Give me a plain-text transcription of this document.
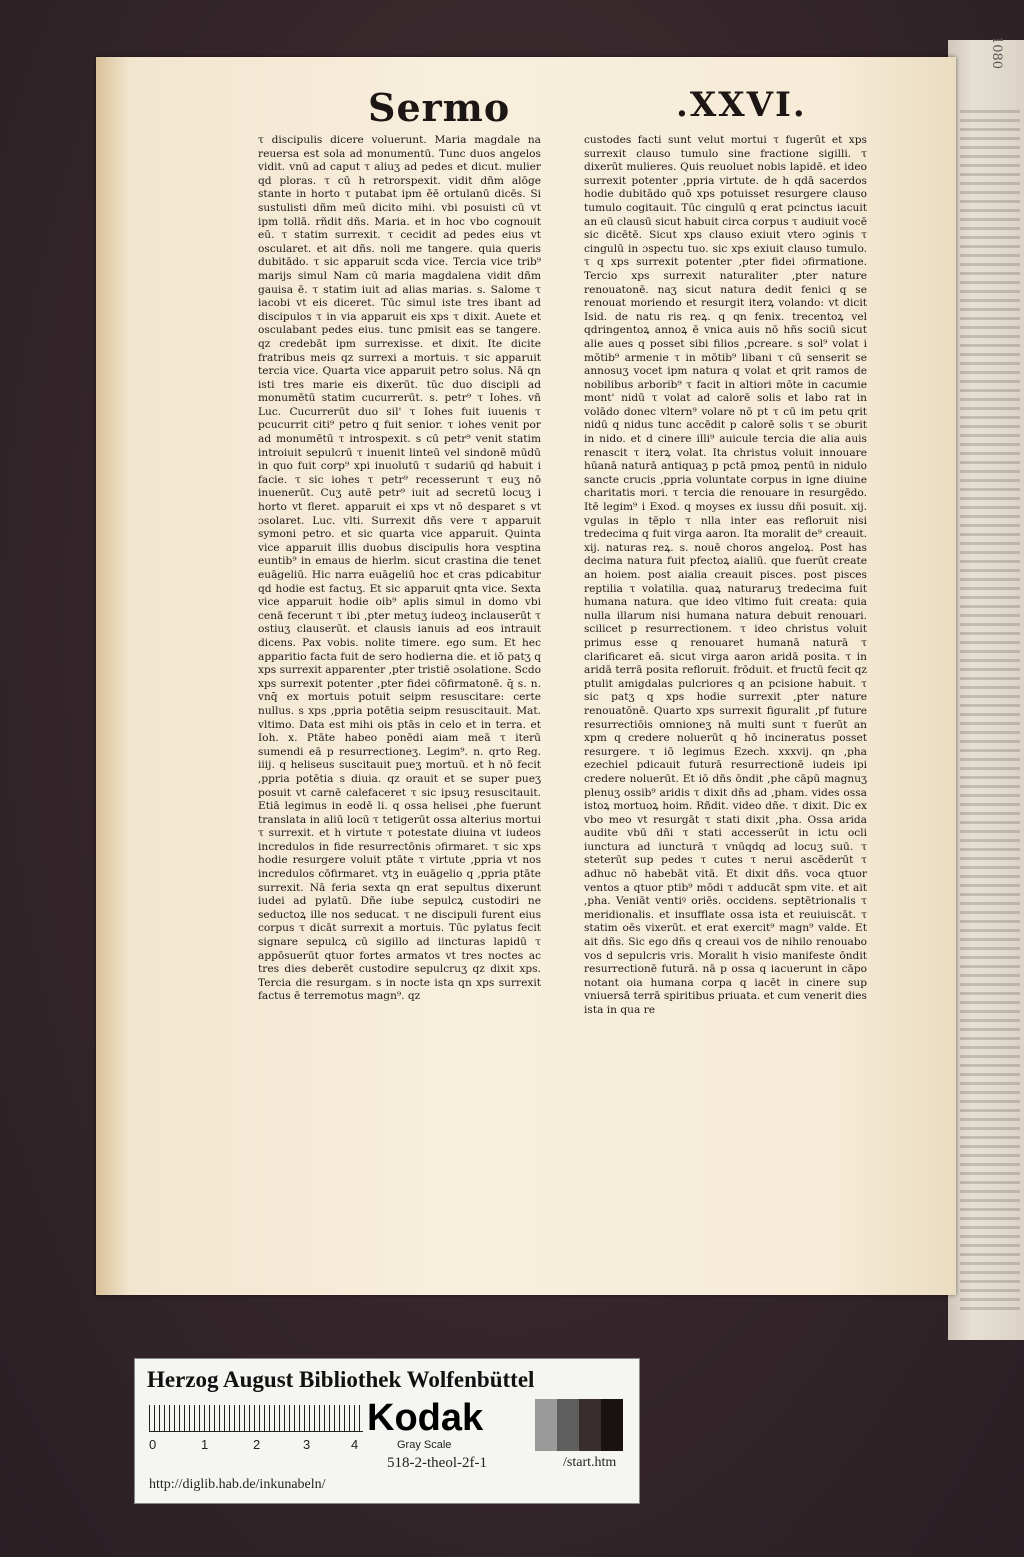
1080
Sermo	.XXVI.

τ discipulis dicere voluerunt. Maria magdale na reuersa est sola ad monumentū. Tunc duos angelos vidit. vnū ad caput τ aliuʒ ad pedes et dicut. mulier qd ploras. τ cū h retrorspexit. vidit dñm alōge stante in horto τ putabat ipm ēē ortulanū dicēs. Si sustulisti dñm meū dicito mihi. vbi posuisti cū vt ipm tollā. rñdit dñs. Maria. et in hoc vbo cognouit eū. τ statim surrexit. τ cecidit ad pedes eius vt oscularet. et ait dñs. noli me tangere. quia queris dubitādo. τ sic apparuit scda vice. Tercia vice trib⁹ marijs simul Nam cū maria magdalena vidit dñm gauisa ē. τ statim iuit ad alias marias. s. Salome τ iacobi vt eis diceret. Tūc simul iste tres ibant ad discipulos τ in via apparuit eis xps τ dixit. Auete et osculabant pedes eius. tunc pmisit eas se tangere. qz credebāt ipm surrexisse. et dixit. Ite dicite fratribus meis qz surrexi a mortuis. τ sic apparuit tercia vice. Quarta vice apparuit petro solus. Nā qn isti tres marie eis dixerūt. tūc duo discipli ad monumētū statim cucurrerūt. s. petr⁹ τ Iohes. vñ Luc. Cucurrerūt duo sil' τ Iohes fuit iuuenis τ pcucurrit citi⁹ petro q fuit senior. τ iohes venit por ad monumētū τ introspexit. s cū petr⁹ venit statim introiuit sepulcrū τ inuenit linteū vel sindonē mūdū in quo fuit corp⁹ xpi inuolutū τ sudariū qd habuit i facie. τ sic iohes τ petr⁹ recesserunt τ euʒ nō inuenerūt. Cuʒ autē petr⁹ iuit ad secretū locuʒ i horto vt fleret. apparuit ei xps vt nō desparet s vt ɔsolaret. Luc. vlti. Surrexit dñs vere τ apparuit symoni petro. et sic quarta vice apparuit. Quinta vice apparuit illis duobus discipulis hora vesptina euntib⁹ in emaus de hierlm. sicut crastina die tenet euāgeliū. Hic narra euāgeliū hoc et cras pdicabitur qd hodie est factuʒ. Et sic apparuit qnta vice. Sexta vice apparuit hodie oib⁹ aplis simul in domo vbi cenā fecerunt τ ibi ,pter metuʒ iudeoʒ inclauserūt τ ostiuʒ clauserūt. et clausis ianuis ad eos intrauit dicens. Pax vobis. nolite timere. ego sum. Et hec apparitio facta fuit de sero hodierna die. et iō patʒ q xps surrexit apparenter ,pter tristiē ɔsolatione. Scdo xps surrexit potenter ,pter fidei cōfirmatonē. q̄ s. n. vnq̄ ex mortuis potuit seipm resuscitare: certe nullus. s xps ,ppria potētia seipm resuscitauit. Mat. vltimo. Data est mihi ois ptās in celo et in terra. et Ioh. x. Ptāte habeo ponēdi aiam meā τ iterū sumendi eā p resurrectioneʒ. Legim⁹. n. qrto Reg. iiij. q heliseus suscitauit pueʒ mortuū. et h nō fecit ,ppria potētia s diuia. qz orauit et se super pueʒ posuit vt carnē calefaceret τ sic ipsuʒ resuscitauit. Etiā legimus in eodē li. q ossa helisei ,phe fuerunt translata in aliū locū τ tetigerūt ossa alterius mortui τ surrexit. et h virtute τ potestate diuina vt iudeos incredulos in fide resurrectōnis ɔfirmaret. τ sic xps hodie resurgere voluit ptāte τ virtute ,ppria vt nos incredulos cōfirmaret. vtʒ in euāgelio q ,ppria ptāte surrexit. Nā feria sexta qn erat sepultus dixerunt iudei ad pylatū. Dñe iube sepulcꝝ custodiri ne seductoꝝ ille nos seducat. τ ne discipuli furent eius corpus τ dicāt surrexit a mortuis. Tūc pylatus fecit signare sepulcꝝ cū sigillo ad iincturas lapidū τ appōsuerūt qtuor fortes armatos vt tres noctes ac tres dies deberēt custodire sepulcruʒ qz dixit xps. Tercia die resurgam. s in nocte ista qn xps surrexit factus ē terremotus magn⁹. qz

custodes facti sunt velut mortui τ fugerūt et xps surrexit clauso tumulo sine fractione sigilli. τ dixerūt mulieres. Quis reuoluet nobis lapidē. et ideo surrexit potenter ,ppria virtute. de h qdā sacerdos hodie dubitādo quō xps potuisset resurgere clauso tumulo cogitauit. Tūc cingulū q erat pcinctus iacuit an eū clausū sicut habuit circa corpus τ audiuit vocē sic dicētē. Sicut xps clauso exiuit vtero ɔginis τ cingulū in ɔspectu tuo. sic xps exiuit clauso tumulo. τ q xps surrexit potenter ,pter fidei ɔfirmatione. Tercio xps surrexit naturaliter ,pter nature renouatonē. naʒ sicut natura dedit fenici q se renouat moriendo et resurgit iterꝝ volando: vt dicit Isid. de natu ris reꝝ. q qn fenix. trecentoꝝ vel qdringentoꝝ annoꝝ ē vnica auis nō hñs sociū sicut alie aues q posset sibi filios ,pcreare. s sol⁹ volat i mōtib⁹ armenie τ in mōtib⁹ libani τ cū senserit se annosuʒ vocet ipm natura q volat et qrit ramos de nobilibus arborib⁹ τ facit in altiori mōte in cacumie mont' nidū τ volat ad calorē solis et labo rat in volādo donec vltern⁹ volare nō pt τ cū im petu qrit nidū q nidus tunc accēdit p calorē solis τ se ɔburit in nido. et d cinere illi⁹ auicule tercia die alia auis renascit τ iterꝝ volat. Ita christus voluit innouare hūanā naturā antiquaʒ p pctā pmoꝝ pentū in nidulo sancte crucis ,ppria voluntate corpus in igne diuine charitatis mori. τ tercia die renouare in resurgēdo. Itē legim⁹ i Exod. q moyses ex iussu dñi posuit. xij. vgulas in tēplo τ nlla inter eas refloruit nisi tredecima q fuit virga aaron. Ita moralit de⁹ creauit. xij. naturas reꝝ. s. nouē choros angeloꝝ. Post has decima natura fuit pfectoꝝ aialiū. que fuerūt create an hoiem. post aialia creauit pisces. post pisces reptilia τ volatilia. quaꝝ naturaruʒ tredecima fuit humana natura. que ideo vltimo fuit creata: quia nulla illarum nisi humana natura debuit renouari. scilicet p resurrectionem. τ ideo christus voluit primus esse q renouaret humanā naturā τ clarificaret eā. sicut virga aaron aridā posita. τ in aridā terrā posita refloruit. frōduit. et fructū fecit qz ptulit amigdalas pulcriores q an pcisione habuit. τ sic patʒ q xps hodie surrexit ,pter nature renouatōnē. Quarto xps surrexit figuralit ,pf future resurrectiōis omnioneʒ nā multi sunt τ fuerūt an xpm q credere noluerūt q hō incineratus posset resurgere. τ iō legimus Ezech. xxxvij. qn ,pha ezechiel pdicauit futurā resurrectionē iudeis ipi credere noluerūt. Et iō dñs ōndit ,phe cāpū magnuʒ plenuʒ ossib⁹ aridis τ dixit dñs ad ,pham. vides ossa istoꝝ mortuoꝝ hoim. Rñdit. video dñe. τ dixit. Dic ex vbo meo vt resurgāt τ stati dixit ,pha. Ossa arida audite vbū dñi τ stati accesserūt in ictu ocli iunctura ad iuncturā τ vnūqdq ad locuʒ suū. τ steterūt sup pedes τ cutes τ nerui ascēderūt τ adhuc nō habebāt vitā. Et dixit dñs. voca qtuor ventos a qtuor ptib⁹ mōdi τ adducāt spm vite. et ait ,pha. Veniāt ventiꝰ oriēs. occidens. septētrionalis τ meridionalis. et insufflate ossa ista et reuiuiscāt. τ statim oēs vixerūt. et erat exercit⁹ magn⁹ valde. Et ait dñs. Sic ego dñs q creaui vos de nihilo renouabo vos d sepulcris vris. Moralit h visio manifeste ōndit resurrectionē futurā. nā p ossa q iacuerunt in cāpo notant oia humana corpa q iacēt in cinere sup vniuersā terrā spiritibus priuata. et cum venerit dies ista in qua re

Herzog August Bibliothek Wolfenbüttel
0	1	2	3	4
Kodak
Gray Scale
518-2-theol-2f-1	/start.htm
http://diglib.hab.de/inkunabeln/
